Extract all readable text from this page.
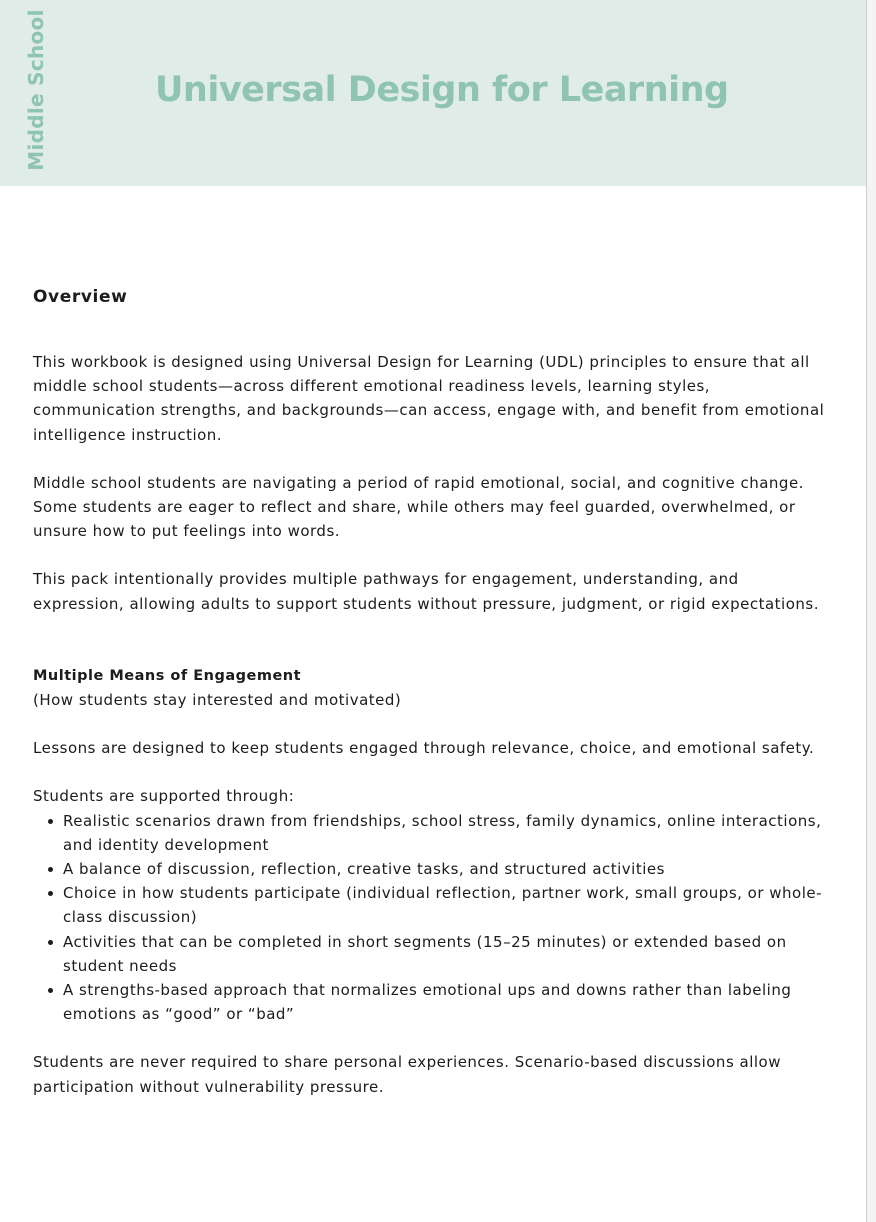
Middle School	Universal Design for Learning
Overview

This workbook is designed using Universal Design for Learning (UDL) principles to ensure that all middle school students—across different emotional readiness levels, learning styles, communication strengths, and backgrounds—can access, engage with, and benefit from emotional intelligence instruction.

Middle school students are navigating a period of rapid emotional, social, and cognitive change. Some students are eager to reflect and share, while others may feel guarded, overwhelmed, or unsure how to put feelings into words.

This pack intentionally provides multiple pathways for engagement, understanding, and expression, allowing adults to support students without pressure, judgment, or rigid expectations.

Multiple Means of Engagement

(How students stay interested and motivated)

Lessons are designed to keep students engaged through relevance, choice, and emotional safety.

Students are supported through:

Realistic scenarios drawn from friendships, school stress, family dynamics, online interactions, and identity development
A balance of discussion, reflection, creative tasks, and structured activities
Choice in how students participate (individual reflection, partner work, small groups, or whole-class discussion)
Activities that can be completed in short segments (15–25 minutes) or extended based on student needs
A strengths-based approach that normalizes emotional ups and downs rather than labeling emotions as “good” or “bad”

Students are never required to share personal experiences. Scenario-based discussions allow participation without vulnerability pressure.
